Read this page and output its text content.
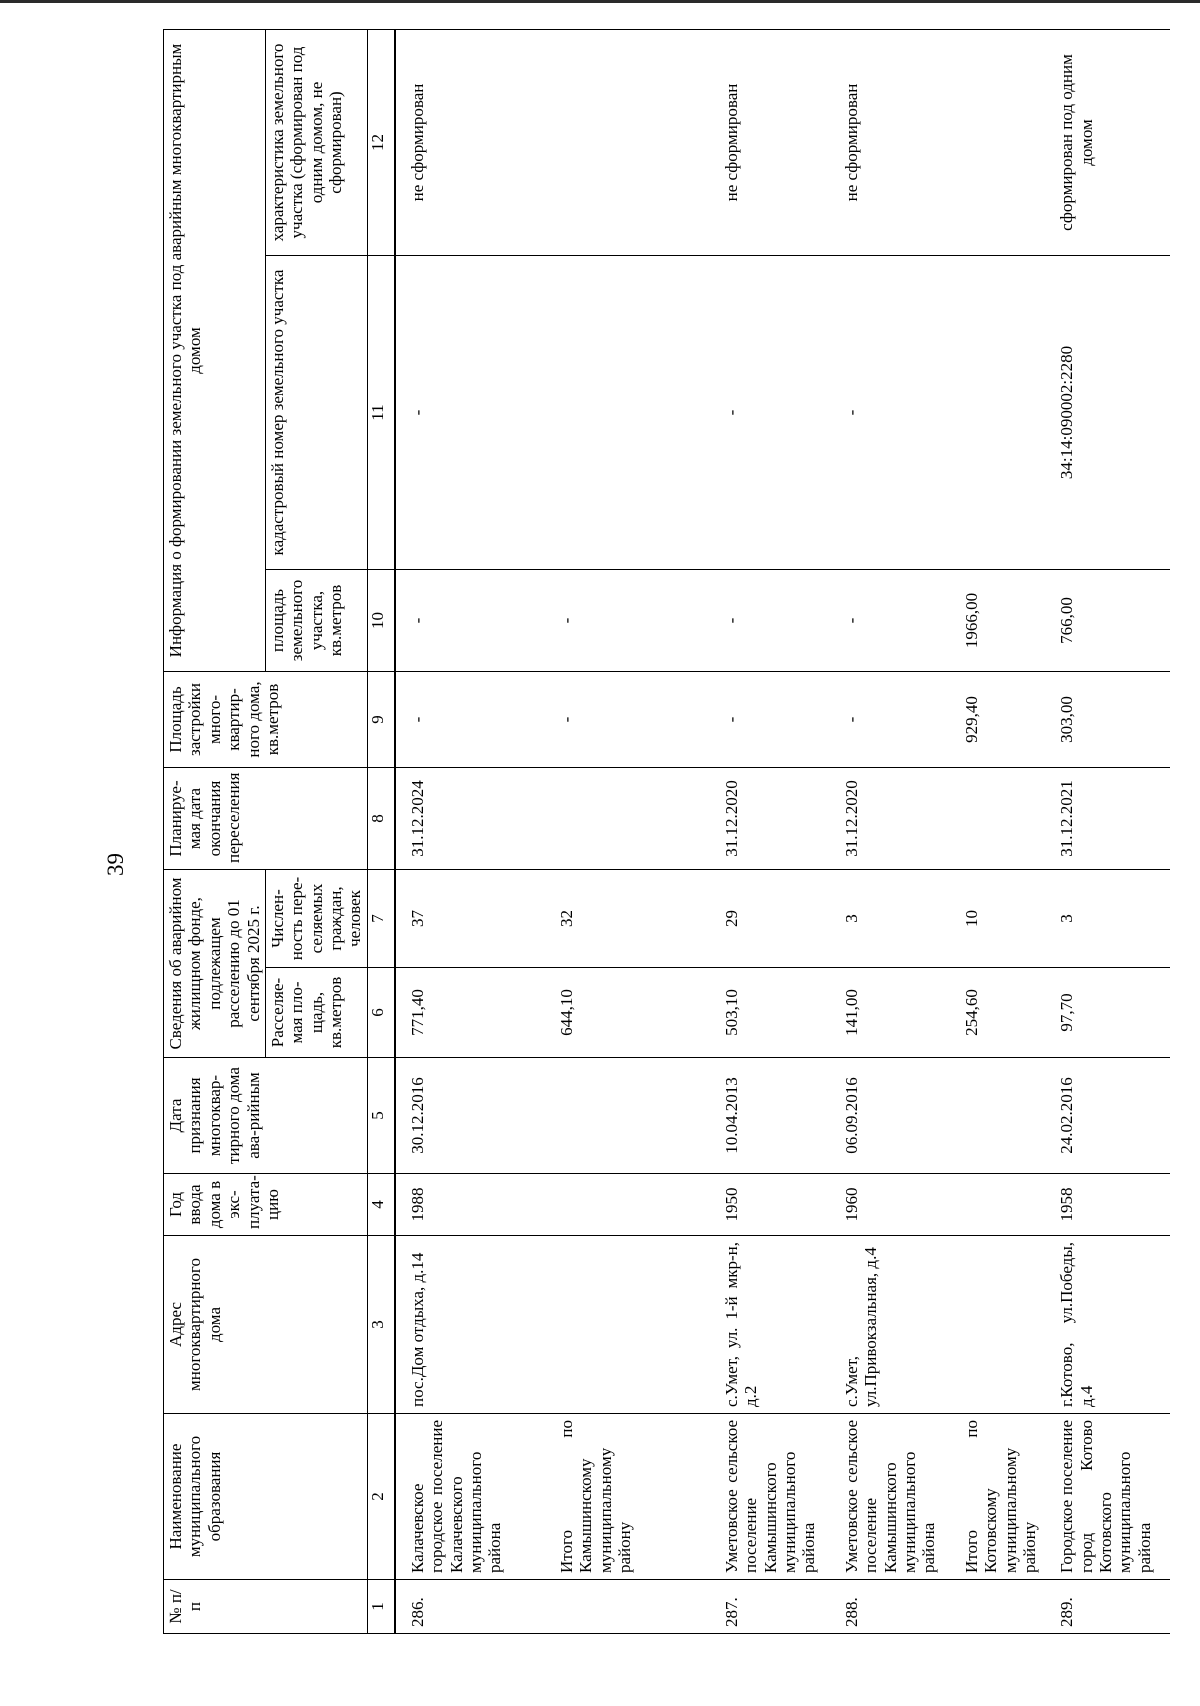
39
№ п/п	Наименование муниципального образования	Адрес многоквартирного дома	Год ввода дома в экс-плуата-цию	Дата признания многоквар-тирного дома ава-рийным	Сведения об аварийном жилищном фонде, подлежащем расселению до 01 сентября 2025 г.		Планируе-мая дата окончания переселения	Площадь застройки много-квартир-ного дома, кв.метров	Информация о формировании земельного участка под аварийным многоквартирным домом		
					Расселяе-мая пло-щадь, кв.метров	Числен-ность пере-селяемых граждан, человек			площадь земельного участка, кв.метров	кадастровый номер земельного участка	характеристика земельного участка (сформирован под одним домом, не сформирован)
1	2	3	4	5	6	7	8	9	10	11	12
286.	Калачевское городское поселение Калачевского муниципального района	пос.Дом отдыха, д.14	1988	30.12.2016	771,40	37	31.12.2024	-	-	-	не сформирован
	Итого по Камышинскому муниципальному району				644,10	32		-	-		
287.	Уметовское сельское поселение Камышинского муниципального района	с.Умет, ул. 1-й мкр-н, д.2	1950	10.04.2013	503,10	29	31.12.2020	-	-	-	не сформирован
288.	Уметовское сельское поселение Камышинского муниципального района	с.Умет, ул.Привокзальная, д.4	1960	06.09.2016	141,00	3	31.12.2020	-	-	-	не сформирован
	Итого по Котовскому муниципальному району				254,60	10		929,40	1966,00		
289.	Городское поселение город Котово Котовского муниципального района	г.Котово, ул.Победы, д.4	1958	24.02.2016	97,70	3	31.12.2021	303,00	766,00	34:14:090002:2280	сформирован под одним домом
